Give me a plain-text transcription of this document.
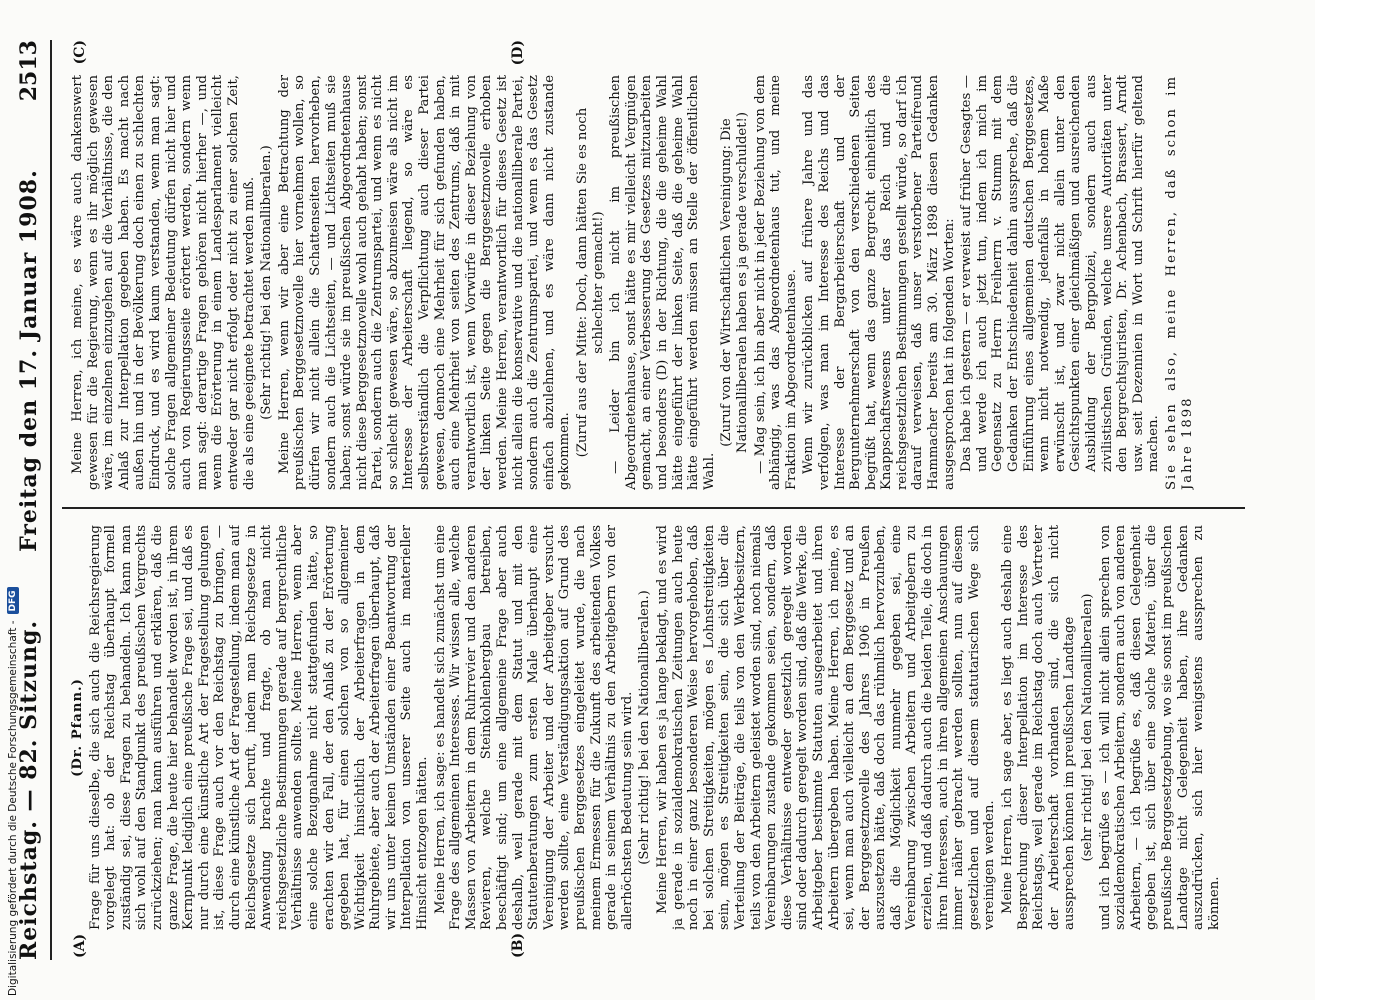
Reichstag. — 82. Sitzung.
Freitag den 17. Januar 1908.
2513
(A)	(B)
(C)	(D)

(Dr. Pfann.) Frage für uns dieselbe, die sich auch die Reichsregierung vorgelegt hat: ob der Reichstag überhaupt formell zuständig sei, diese Fragen zu behandeln. Ich kann man sich wohl auf den Standpunkt des preußischen Vergrechts zurückziehen; man kann ausführen und erklären, daß die ganze Frage, die heute hier behandelt worden ist, in ihrem Kernpunkt lediglich eine preußische Frage sei, und daß es nur durch eine künstliche Art der Fragestellung gelungen ist, diese Frage auch vor den Reichstag zu bringen, — durch eine künstliche Art der Fragestellung, indem man auf Reichsgesetze sich beruft, indem man Reichsgesetze in Anwendung brachte und fragte, ob man nicht reichsgesetzliche Bestimmungen gerade auf bergrechtliche Verhältnisse anwenden sollte. Meine Herren, wenn aber eine solche Bezugnahme nicht stattgefunden hätte, so erachten wir den Fall, der den Anlaß zu der Erörterung gegeben hat, für einen solchen von so allgemeiner Wichtigkeit hinsichtlich der Arbeiterfragen in dem Ruhrgebiete, aber auch der Arbeiterfragen überhaupt, daß wir uns unter keinen Umständen einer Beantwortung der Interpellation von unserer Seite auch in materieller Hinsicht entzogen hätten. Meine Herren, ich sage: es handelt sich zunächst um eine Frage des allgemeinen Interesses. Wir wissen alle, welche Massen von Arbeitern in dem Ruhrrevier und den anderen Revieren, welche Steinkohlenbergbau betreiben, beschäftigt sind; um eine allgemeine Frage aber auch deshalb, weil gerade mit dem Statut und mit den Statutenberatungen zum ersten Male überhaupt eine Vereinigung der Arbeiter und der Arbeitgeber versucht werden sollte, eine Verständigungsaktion auf Grund des preußischen Berggesetzes eingeleitet wurde, die nach meinem Ermessen für die Zukunft des arbeitenden Volkes gerade in seinem Verhältnis zu den Arbeitgebern von der allerhöchsten Bedeutung sein wird. (Sehr richtig! bei den Nationalliberalen.) Meine Herren, wir haben es ja lange beklagt, und es wird ja gerade in sozialdemokratischen Zeitungen auch heute noch in einer ganz besonderen Weise hervorgehoben, daß bei solchen Streitigkeiten, mögen es Lohnstreitigkeiten sein, mögen es Streitigkeiten sein, die sich über die Verteilung der Beiträge, die teils von den Werkbesitzern, teils von den Arbeitern geleistet worden sind, noch niemals Vereinbarungen zustande gekommen seien, sondern, daß diese Verhältnisse entweder gesetzlich geregelt worden sind oder dadurch geregelt worden sind, daß die Werke, die Arbeitgeber bestimmte Statuten ausgearbeitet und ihren Arbeitern übergeben haben. Meine Herren, ich meine, es sei, wenn man auch vielleicht an dem Berggesetz und an der Berggesetznovelle des Jahres 1906 in Preußen auszusetzen hätte, daß doch das rühmlich hervorzuheben, daß die Möglichkeit nunmehr gegeben sei, eine Vereinbarung zwischen Arbeitern und Arbeitgebern zu erzielen, und daß dadurch auch die beiden Teile, die doch in ihren Interessen, auch in ihren allgemeinen Anschauungen immer näher gebracht werden sollten, nun auf diesem gesetzlichen und auf diesem statutarischen Wege sich vereinigen werden. Meine Herren, ich sage aber, es liegt auch deshalb eine Besprechung dieser Interpellation im Interesse des Reichstags, weil gerade im Reichstag doch auch Vertreter der Arbeiterschaft vorhanden sind, die sich nicht aussprechen können im preußischen Landtage (sehr richtig! bei den Nationalliberalen) und ich begrüße es — ich will nicht allein sprechen von sozialdemokratischen Arbeitern, sondern auch von anderen Arbeitern, — ich begrüße es, daß diesen Gelegenheit gegeben ist, sich über eine solche Materie, über die preußische Berggesetzgebung, wo sie sonst im preußischen Landtage nicht Gelegenheit haben, ihre Gedanken auszudrücken, sich hier wenigstens aussprechen zu können.

Meine Herren, ich meine, es wäre auch dankenswert gewesen für die Regierung, wenn es ihr möglich gewesen wäre, im einzelnen einzugehen auf die Verhältnisse, die den Anlaß zur Interpellation gegeben haben. Es macht nach außen hin und in der Bevölkerung doch einen zu schlechten Eindruck, und es wird kaum verstanden, wenn man sagt: solche Fragen allgemeiner Bedeutung dürfen nicht hier und auch von Regierungsseite erörtert werden, sondern wenn man sagt: derartige Fragen gehören nicht hierher —, und wenn die Erörterung in einem Landesparlament vielleicht entweder gar nicht erfolgt oder nicht zu einer solchen Zeit, die als eine geeignete betrachtet werden muß. (Sehr richtig! bei den Nationalliberalen.) Meine Herren, wenn wir aber eine Betrachtung der preußischen Berggesetznovelle hier vornehmen wollen, so dürfen wir nicht allein die Schattenseiten hervorheben, sondern auch die Lichtseiten, — und Lichtseiten muß sie haben; sonst würde sie im preußischen Abgeordnetenhause nicht diese Berggesetznovelle wohl auch gehabt haben; sonst Partei, sondern auch die Zentrumspartei, und wenn es nicht so schlecht gewesen wäre, so abzumeisen wäre als nicht im Interesse der Arbeiterschaft liegend, so wäre es selbstverständlich die Verpflichtung auch dieser Partei gewesen, dennoch eine Mehrheit für sich gefunden haben, auch eine Mehrheit von seiten des Zentrums, daß in mit verantwortlich ist, wenn Vorwürfe in dieser Beziehung von der linken Seite gegen die Berggesetznovelle erhoben werden. Meine Herren, verantwortlich für dieses Gesetz ist nicht allein die konservative und die nationalliberale Partei, sondern auch die Zentrumspartei, und wenn es das Gesetz einfach abzulehnen, und es wäre dann nicht zustande gekommen. (Zuruf aus der Mitte: Doch, dann hätten Sie es noch schlechter gemacht!) — Leider bin ich nicht im preußischen Abgeordnetenhause, sonst hätte es mir vielleicht Vergnügen gemacht, an einer Verbesserung des Gesetzes mitzuarbeiten und besonders (D) in der Richtung, die die geheime Wahl hätte eingeführt der linken Seite, daß die geheime Wahl hätte eingeführt werden müssen an Stelle der öffentlichen Wahl.

(Zuruf von der Wirtschaftlichen Vereinigung: Die Nationalliberalen haben es ja gerade verschuldet!) — Mag sein, ich bin aber nicht in jeder Beziehung von dem abhängig, was das Abgeordnetenhaus tut, und meine Fraktion im Abgeordnetenhause. Wenn wir zurückblicken auf frühere Jahre und das verfolgen, was man im Interesse des Reichs und das Interesse der Bergarbeiterschaft und der Bergunternehmerschaft von den verschiedenen Seiten begrüßt hat, wenn das ganze Bergrecht einheitlich des Knappschaftswesens unter das Reich und die reichsgesetzlichen Bestimmungen gestellt würde, so darf ich darauf verweisen, daß unser verstorbener Parteifreund Hammacher bereits am 30. März 1898 diesen Gedanken ausgesprochen hat in folgenden Worten: Das habe ich gestern — er verweist auf früher Gesagtes — und werde ich auch jetzt tun, indem ich mich im Gegensatz zu Herrn Freiherrn v. Stumm mit dem Gedanken der Entschiedenheit dahin ausspreche, daß die Einführung eines allgemeinen deutschen Berggesetzes, wenn nicht notwendig, jedenfalls in hohem Maße erwünscht ist, und zwar nicht allein unter den Gesichtspunkten einer gleichmäßigen und ausreichenden Ausbildung der Bergpolizei, sondern auch aus zivilistischen Gründen, welche unsere Autoritäten unter den Bergrechtsjuristen, Dr. Achenbach, Brassert, Arndt usw. seit Dezennien in Wort und Schrift hierfür geltend machen. Sie sehen also, meine Herren, daß schon im Jahre 1898

Digitalisierung gefördert durch die Deutsche Forschungsgemeinschaft -
DFG
